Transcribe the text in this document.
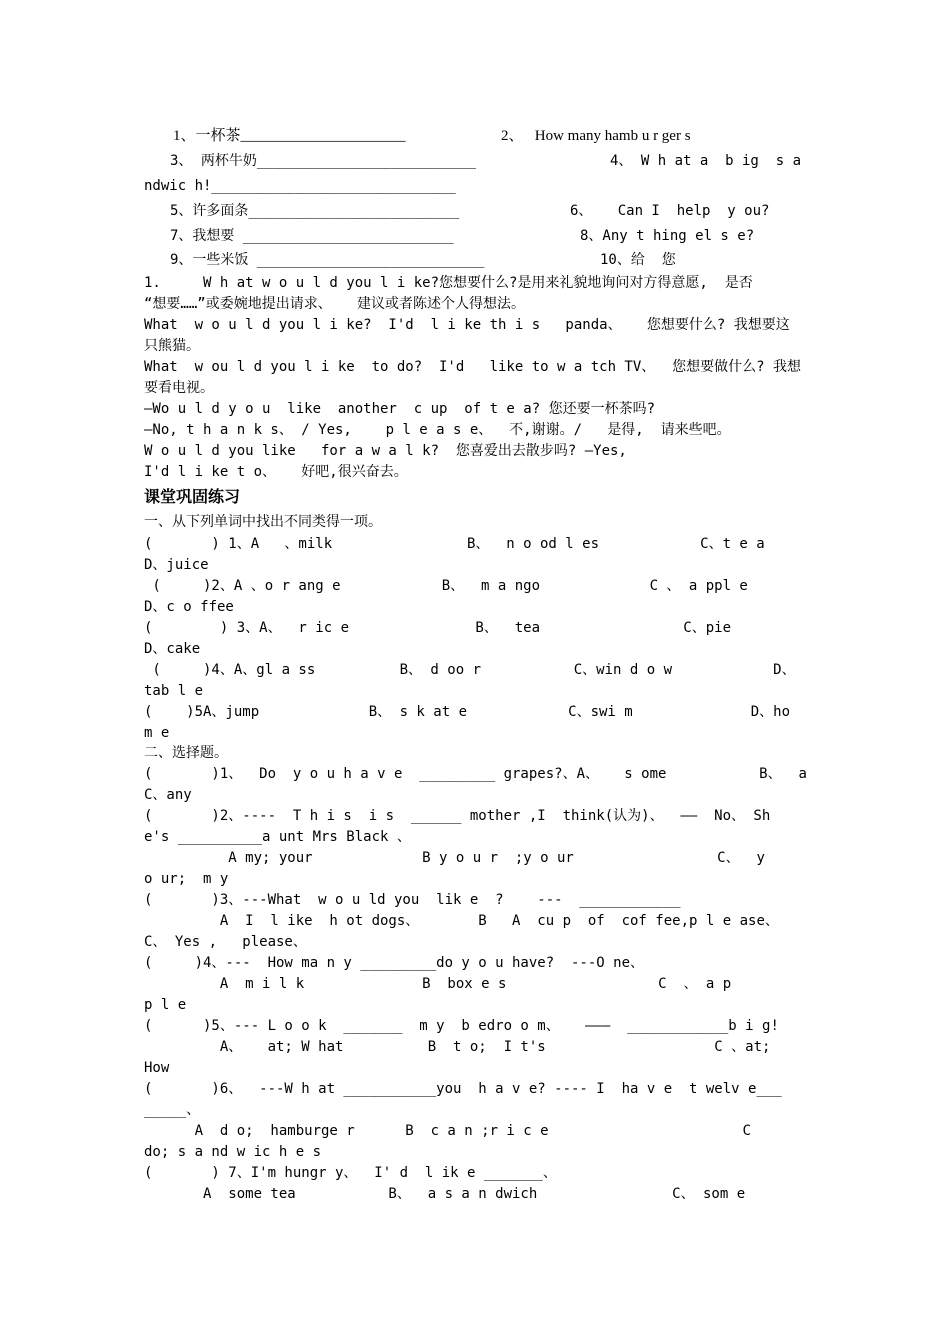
1、一杯茶______________________	2、   How many hamb u r ger s
3、 两杯牛奶__________________________	4、 W h at a  b ig  s a
ndwic h!_____________________________
5、许多面条_________________________	6、   Can I  help  y ou?
7、我想要 _________________________	8、Any t hing el s e?
9、一些米饭 ___________________________	10、给  您
1.     W h at w o u l d you l i ke?您想要什么?是用来礼貌地询问对方得意愿,  是否
“想要……”或委婉地提出请求、   建议或者陈述个人得想法。
What  w o u l d you l i ke?  I'd  l i ke th i s   panda、   您想要什么? 我想要这
只熊猫。
What  w ou l d you l i ke  to do?  I'd   like to w a tch TV、  您想要做什么? 我想
要看电视。
—Wo u l d y o u  like  another  c up  of t e a? 您还要一杯茶吗?
—No, t h a n k s、 / Yes,    p l e a s e、  不,谢谢。/   是得,  请来些吧。
W o u l d you like   for a w a l k?  您喜爱出去散步吗? —Yes,
I'd l i ke t o、   好吧,很兴奋去。
课堂巩固练习
一、从下列单词中找出不同类得一项。
(       ) 1、A   、milk                B、  n o od l es            C、t e a
D、juice
(     )2、A 、o r ang e            B、  m a ngo             C 、 a ppl e
D、c o ffee
(        ) 3、A、  r ic e               B、  tea                 C、pie
D、cake
(     )4、A、gl a ss          B、 d oo r           C、win d o w            D、
tab l e
(    )5A、jump             B、 s k at e            C、swi m              D、ho
m e
二、选择题。
(       )1、  Do  y o u h a v e  _________ grapes?、A、   s ome           B、  a
C、any
(       )2、----  T h i s  i s  ______ mother ,I  think(认为)、  ——  No、 Sh
e's __________a unt Mrs Black 、
A my; your             B y o u r  ;y o ur                 C、  y
o ur;  m y
(       )3、---What  w o u ld you  lik e  ?    ---  ____________
A  I  l ike  h ot dogs、       B   A  cu p  of  cof fee,p l e ase、
C、 Yes ,   please、
(     )4、---  How ma n y _________do y o u have?  ---O ne、
A  m i l k              B  box e s                  C  、 a p
p l e
(      )5、--- L o o k  _______  m y  b edro o m、   ———  ____________b i g!
A、   at; W hat          B  t o;  I t's                    C 、at;
How
(       )6、  ---W h at ___________you  h a v e? ---- I  ha v e  t welv e___
_____、
A  d o;  hamburge r      B  c a n ;r i c e                       C
do; s a nd w ic h e s
(       ) 7、I'm hungr y、  I' d  l ik e _______、
A  some tea           B、  a s a n dwich                C、 som e
